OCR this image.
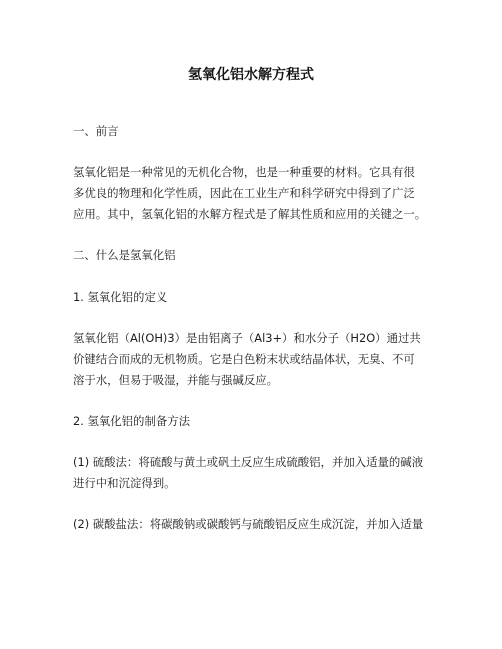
氢氧化铝水解方程式

一、前言

氢氧化铝是一种常见的无机化合物，也是一种重要的材料。它具有很

多优良的物理和化学性质，因此在工业生产和科学研究中得到了广泛

应用。其中，氢氧化铝的水解方程式是了解其性质和应用的关键之一。

二、什么是氢氧化铝

1. 氢氧化铝的定义

氢氧化铝（Al(OH)3）是由铝离子（Al3+）和水分子（H2O）通过共

价键结合而成的无机物质。它是白色粉末状或结晶体状，无臭、不可

溶于水，但易于吸湿，并能与强碱反应。

2. 氢氧化铝的制备方法

(1) 硫酸法：将硫酸与黄土或矾土反应生成硫酸铝，并加入适量的碱液

进行中和沉淀得到。

(2) 碳酸盐法：将碳酸钠或碳酸钙与硫酸铝反应生成沉淀，并加入适量
